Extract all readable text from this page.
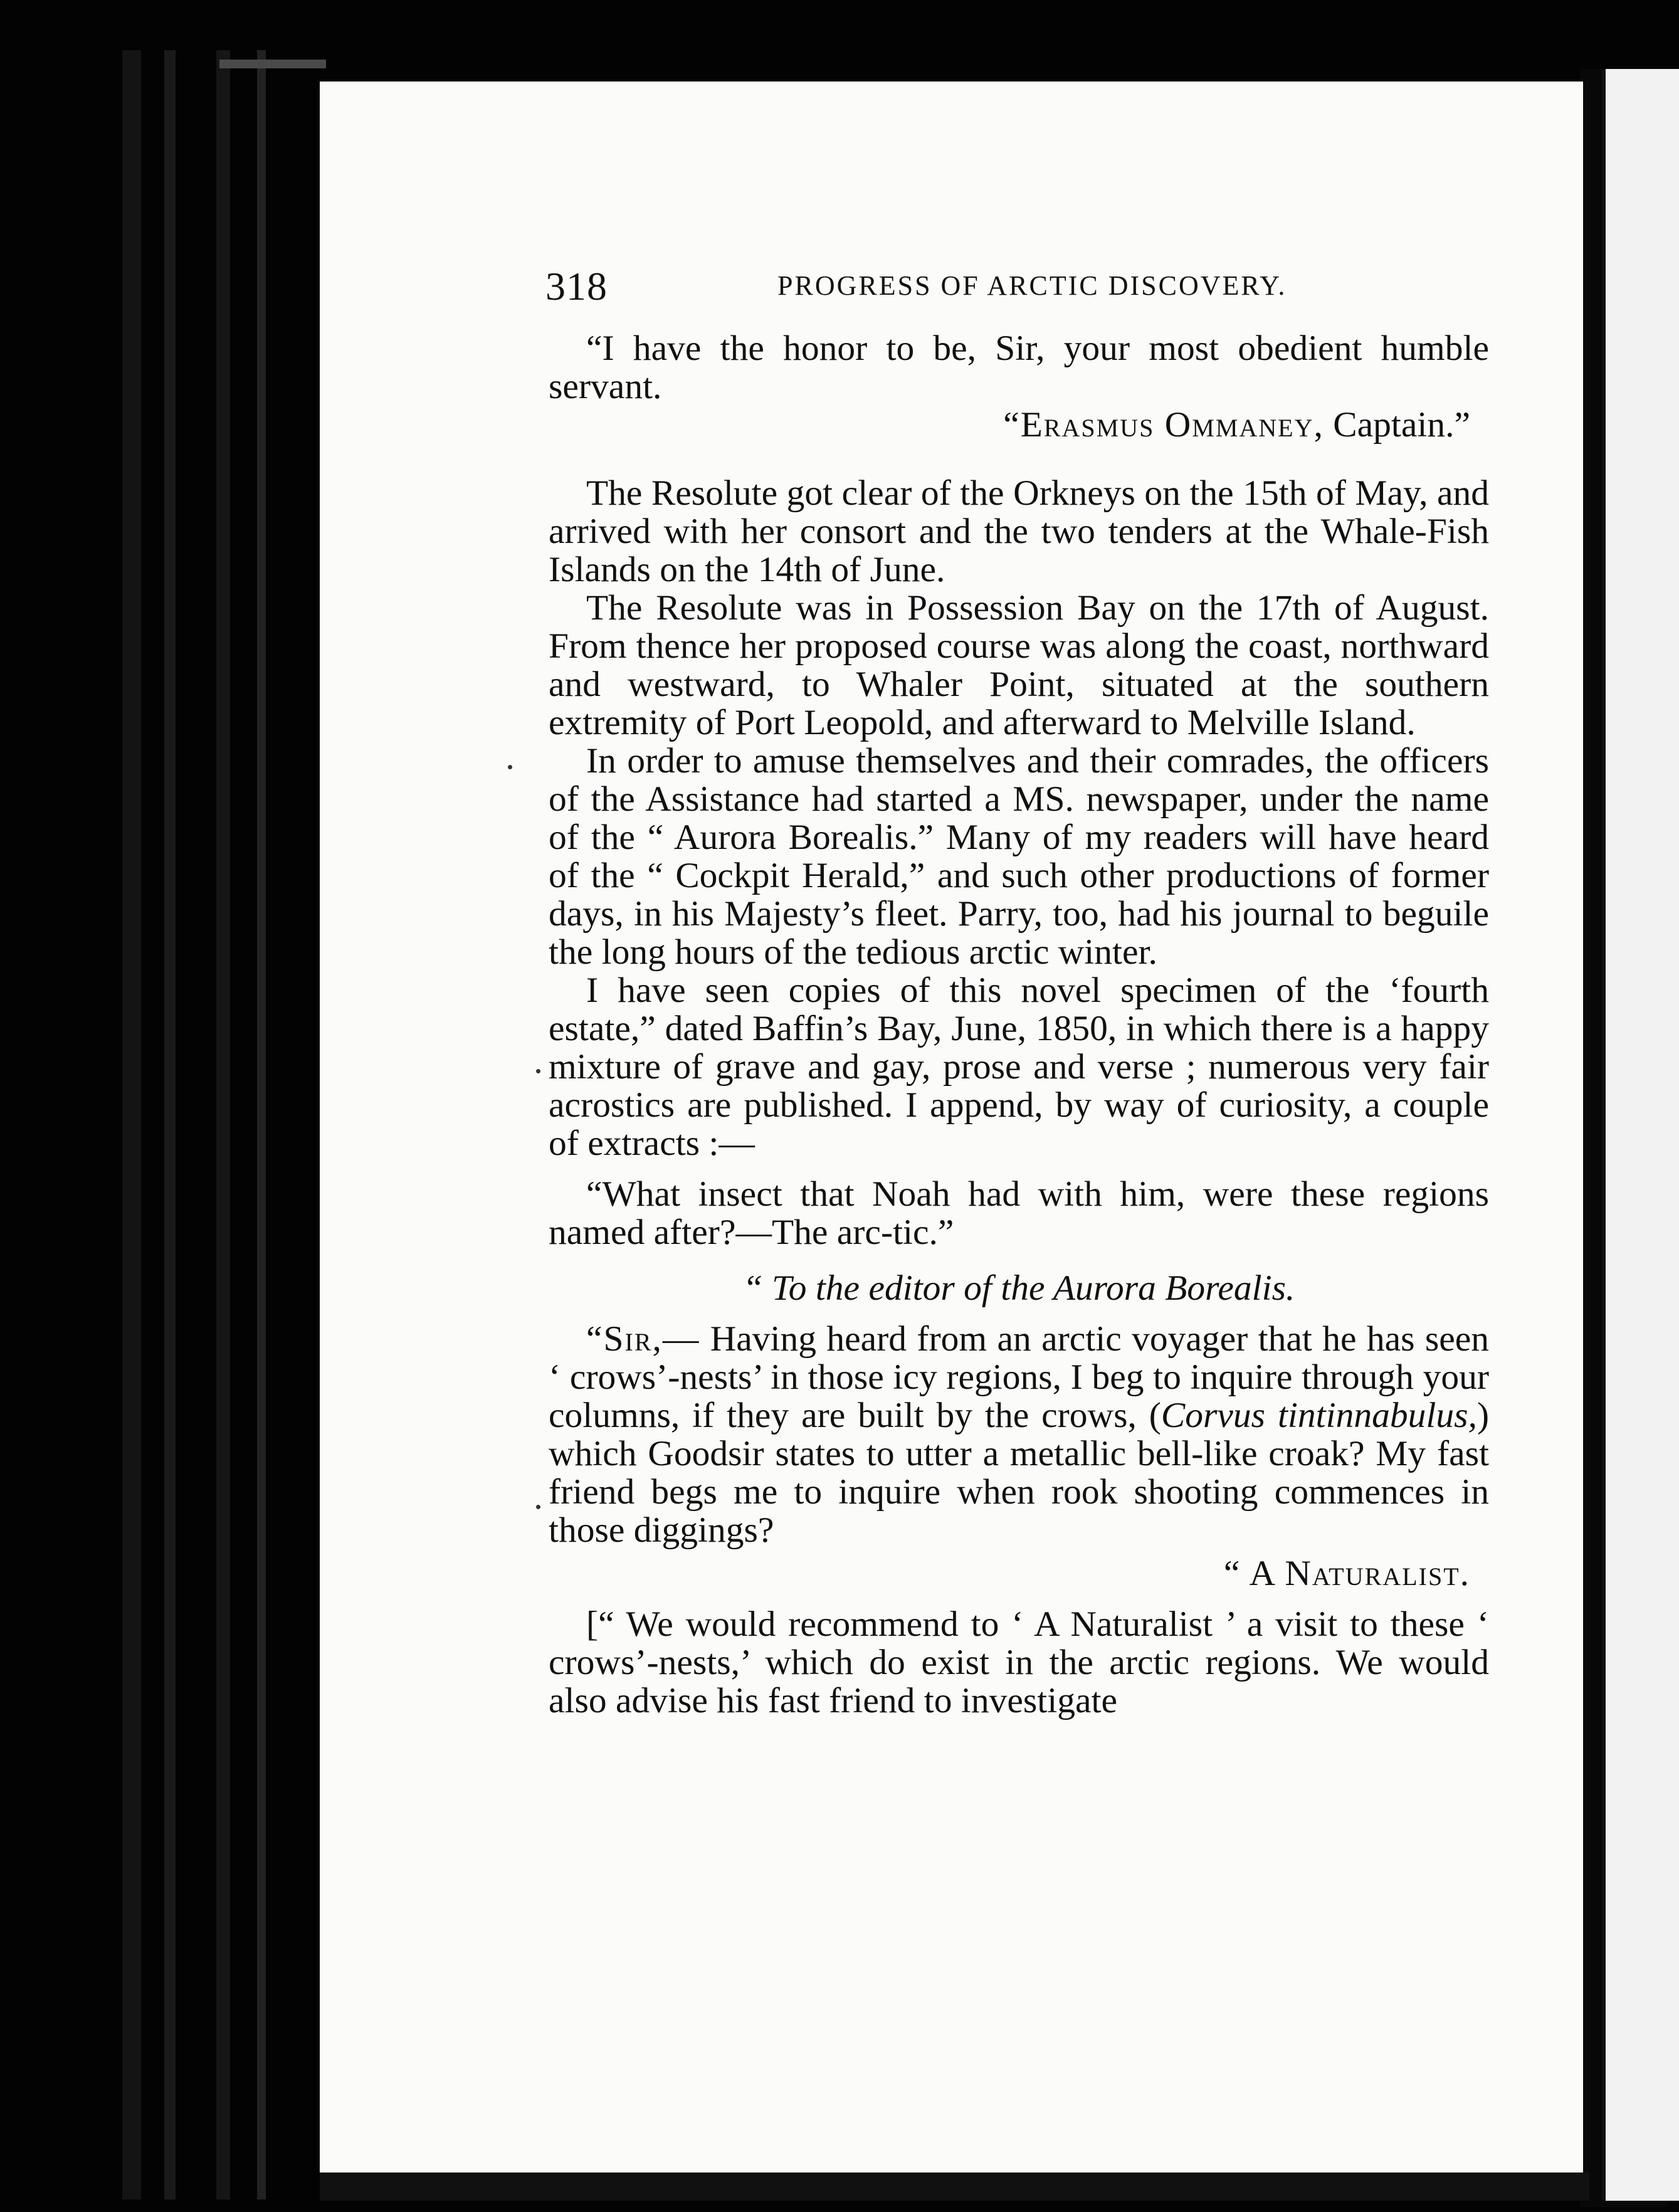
318	PROGRESS OF ARCTIC DISCOVERY.

“I have the honor to be, Sir, your most obedient humble servant.

“Erasmus Ommaney, Captain.”

The Resolute got clear of the Orkneys on the 15th of May, and arrived with her consort and the two tenders at the Whale-Fish Islands on the 14th of June.

The Resolute was in Possession Bay on the 17th of August. From thence her proposed course was along the coast, northward and westward, to Whaler Point, situated at the southern extremity of Port Leopold, and afterward to Melville Island.

In order to amuse themselves and their comrades, the officers of the Assistance had started a MS. newspaper, under the name of the “ Aurora Borealis.” Many of my readers will have heard of the “ Cockpit Herald,” and such other productions of former days, in his Majesty’s fleet. Parry, too, had his journal to beguile the long hours of the tedious arctic winter.

I have seen copies of this novel specimen of the ‘fourth estate,” dated Baffin’s Bay, June, 1850, in which there is a happy mixture of grave and gay, prose and verse ; numerous very fair acrostics are published. I append, by way of curiosity, a couple of extracts :—

“What insect that Noah had with him, were these regions named after?—The arc-tic.”

“ To the editor of the Aurora Borealis.

“Sir,— Having heard from an arctic voyager that he has seen ‘ crows’-nests’ in those icy regions, I beg to inquire through your columns, if they are built by the crows, (Corvus tintinnabulus,) which Goodsir states to utter a metallic bell-like croak? My fast friend begs me to inquire when rook shooting commences in those diggings?

“ A Naturalist.

[“ We would recommend to ‘ A Naturalist ’ a visit to these ‘ crows’-nests,’ which do exist in the arctic regions. We would also advise his fast friend to investigate
